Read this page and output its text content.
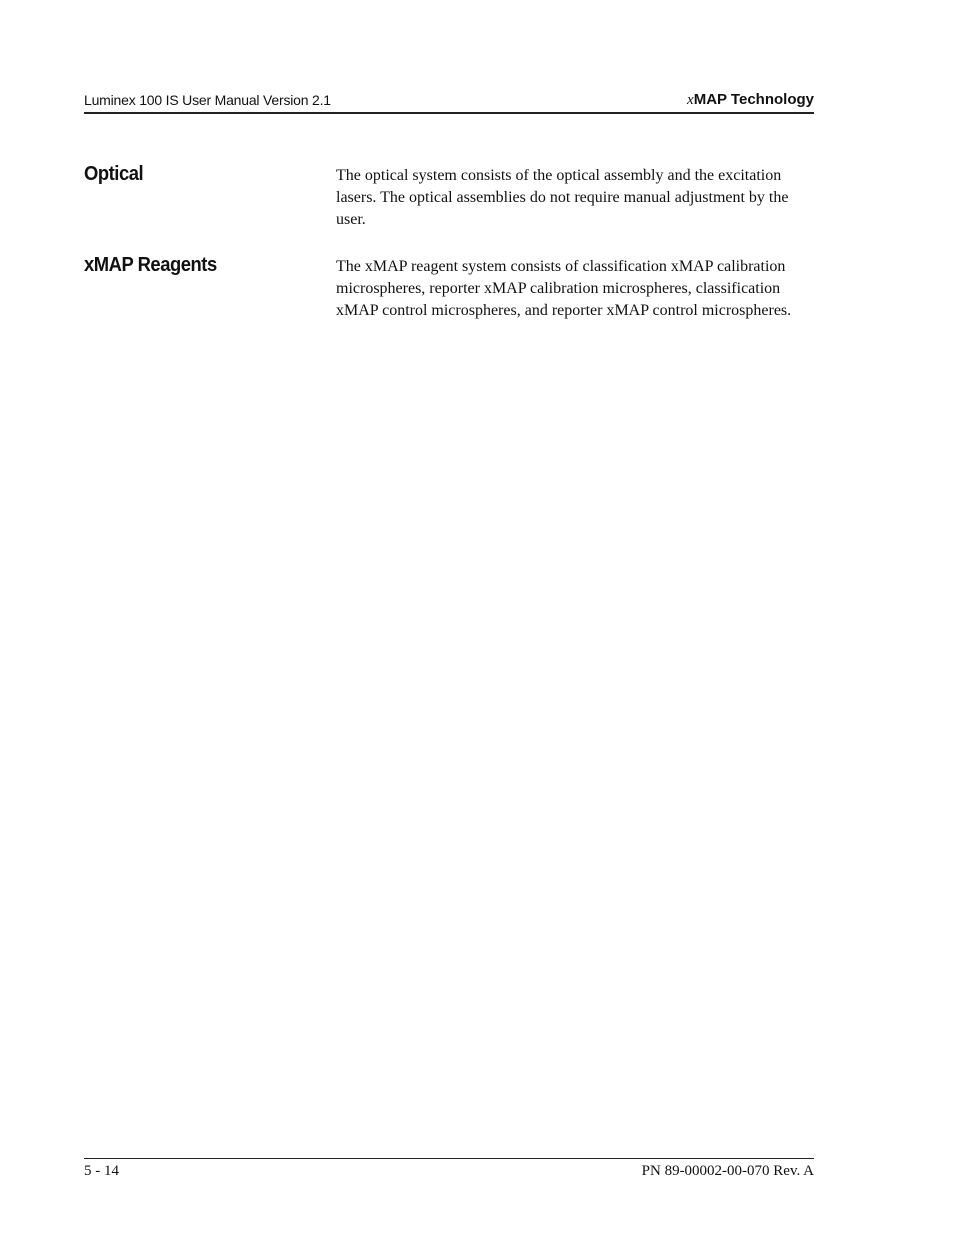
Luminex 100 IS User Manual Version 2.1	xMAP Technology
Optical	The optical system consists of the optical assembly and the excitation lasers. The optical assemblies do not require manual adjustment by the user.

xMAP Reagents	The xMAP reagent system consists of classification xMAP calibration microspheres, reporter xMAP calibration microspheres, classification xMAP control microspheres, and reporter xMAP control microspheres.

5 - 14	PN 89-00002-00-070 Rev. A
